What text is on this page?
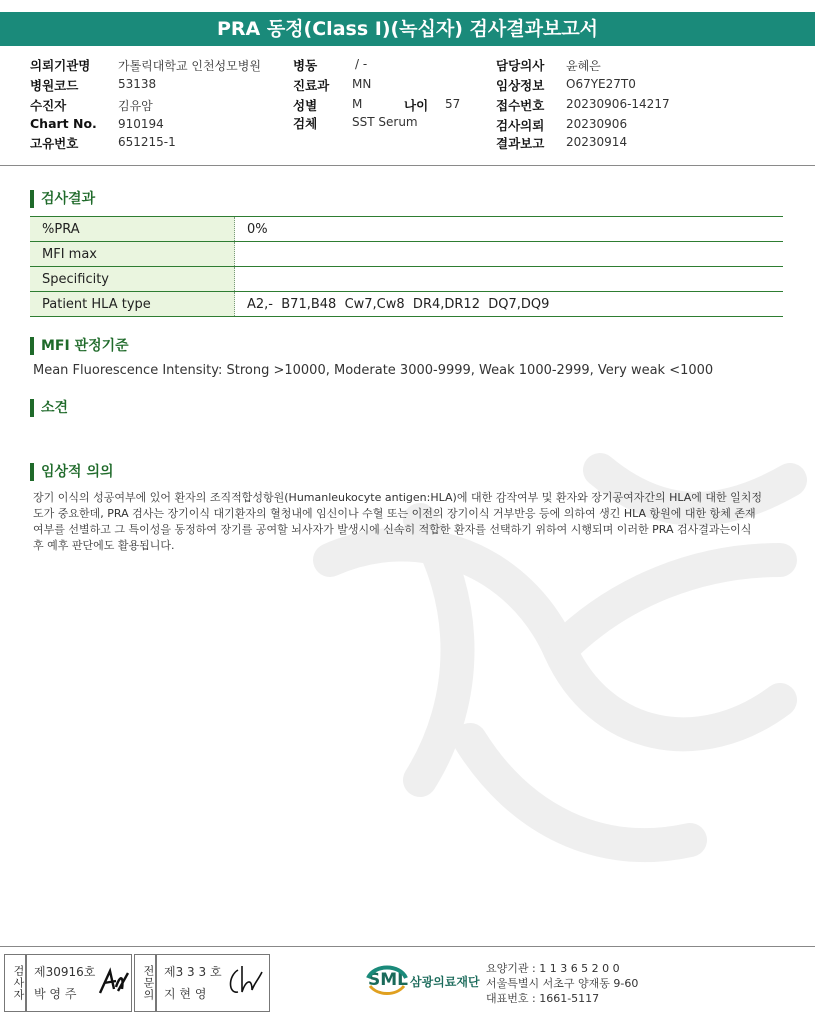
PRA 동정(Class I)(녹십자) 검사결과보고서
의뢰기관명 가톨릭대학교 인천성모병원
병원코드	53138
수진자	김유암
Chart No. 910194
고유번호	651215-1
병동	/ -
진료과 MN
성별	M	나이 57
검체	SST Serum
담당의사 윤혜은
임상정보 O67YE27T0
접수번호 20230906-14217
검사의뢰 20230906
결과보고 20230914
검사결과
%PRA	0%
MFI max	
Specificity	
Patient HLA type	A2,-  B71,B48  Cw7,Cw8  DR4,DR12  DQ7,DQ9
MFI 판정기준
Mean Fluorescence Intensity: Strong >10000, Moderate 3000-9999, Weak 1000-2999, Very weak <1000
소견
임상적 의의
장기 이식의 성공여부에 있어 환자의 조직적합성항원(Humanleukocyte antigen:HLA)에 대한 감작여부 및 환자와 장기공여자간의 HLA에 대한 일치정도가 중요한데, PRA 검사는 장기이식 대기환자의 혈청내에 임신이나 수혈 또는 이전의 장기이식 거부반응 등에 의하여 생긴 HLA 항원에 대한 항체 존재 여부를 선별하고 그 특이성을 동정하여 장기를 공여할 뇌사자가 발생시에 신속히 적합한 환자를 선택하기 위하여 시행되며 이러한 PRA 검사결과는이식 후 예후 판단에도 활용됩니다.
검사자 제30916호
박 영 주	전문의 제3 3 3 호
지 현 영
SML 삼광의료재단
요양기관 : 1 1 3 6 5 2 0 0
서울특별시 서초구 양재동 9-60
대표번호 : 1661-5117
